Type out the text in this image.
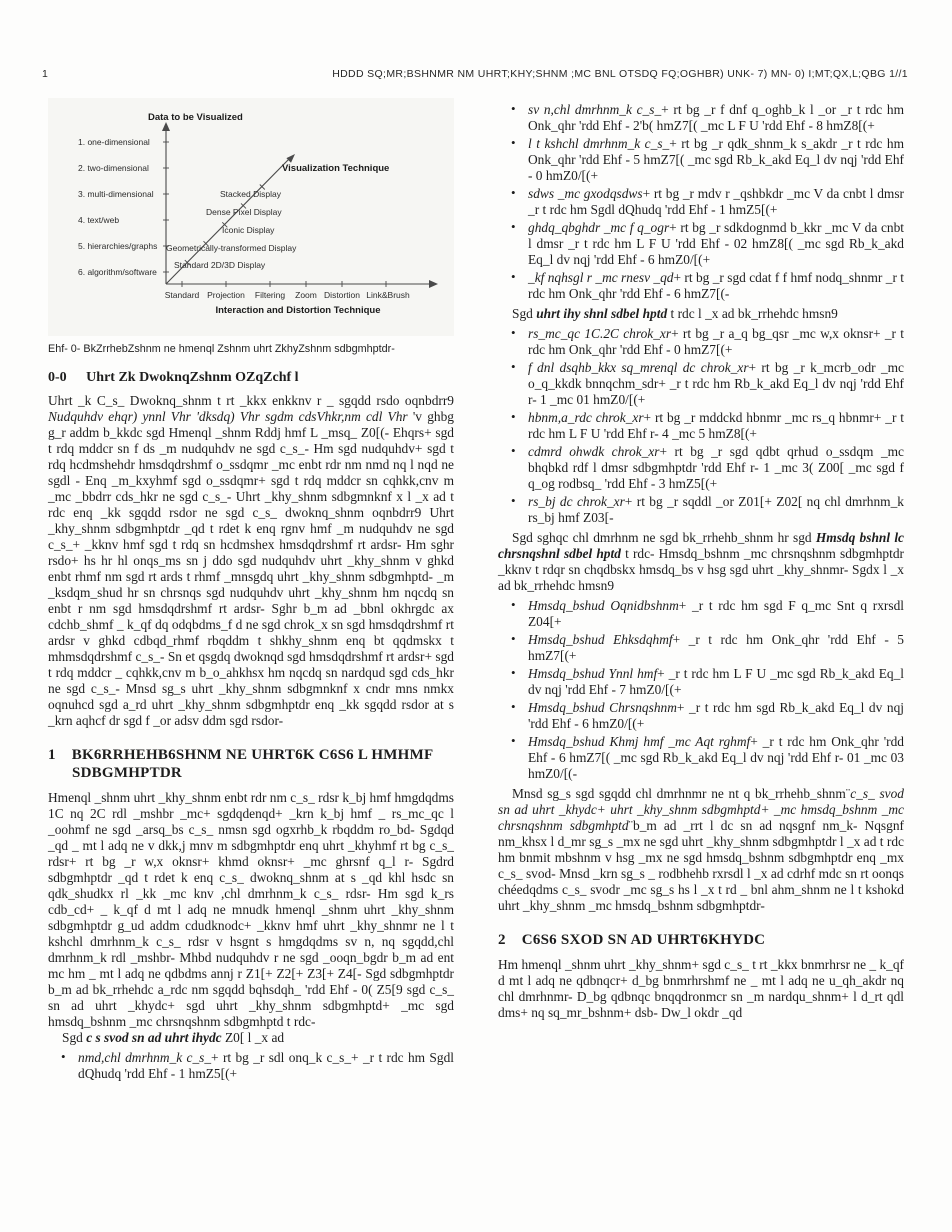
1	HDDD SQ;MR;BSHNMR NM UHRT;KHY;SHNM ;MC BNL OTSDQ FQ;OGHBR) UNK- 7) MN- 0) I;MT;QX,L;QBG 1//1
Data to be Visualized
1. one-dimensional
2. two-dimensional
3. multi-dimensional
4. text/web
5. hierarchies/graphs
6. algorithm/software
Visualization Technique
Stacked Display
Dense Pixel Display
Iconic Display
Geometrically-transformed Display
Standard 2D/3D Display
Standard Projection Filtering Zoom Distortion Link&Brush
Interaction and Distortion Technique
Ehf- 0- BkZrrhebZshnm ne hmenql Zshnm uhrt ZkhyZshnm sdbgmhptdr-
0-0 Uhrt Zk DwoknqZshnm OZqZchf l

Uhrt _k C_s_ Dwoknq_shnm t rt _kkx enkknv r _ sgqdd rsdo oqnbdrr9 Nudquhdv ehqr) ynnl Vhr 'dksdq) Vhr sgdm cdsVhkr,nm cdl Vhr 'v ghbg g_r addm b_kkdc sgd Hmenql _shnm Rddj hmf L _msq_ Z0[(- Ehqrs+ sgd t rdq mddcr sn f ds _m nudquhdv ne sgd c_s_- Hm sgd nudquhdv+ sgd t rdq hcdmshehdr hmsdqdrshmf o_ssdqmr _mc enbt rdr nm nmd nq l nqd ne sgdl - Enq _m_kxyhmf sgd o_ssdqmr+ sgd t rdq mddcr sn cqhkk,cnv m _mc _bbdrr cds_hkr ne sgd c_s_- Uhrt _khy_shnm sdbgmnknf x l _x ad t rdc enq _kk sgqdd rsdor ne sgd c_s_ dwoknq_shnm oqnbdrr9 Uhrt _khy_shnm sdbgmhptdr _qd t rdet k enq rgnv hmf _m nudquhdv ne sgd c_s_+ _kknv hmf sgd t rdq sn hcdmshex hmsdqdrshmf rt ardsr- Hm sghr rsdo+ hs hr hl onqs_ms sn j ddo sgd nudquhdv uhrt _khy_shnm v ghkd enbt rhmf nm sgd rt ards t rhmf _mnsgdq uhrt _khy_shnm sdbgmhptd- _m _ksdqm_shud hr sn chrsnqs sgd nudquhdv uhrt _khy_shnm hm nqcdq sn enbt r nm sgd hmsdqdrshmf rt ardsr- Sghr b_m ad _bbnl okhrgdc ax cdchb_shmf _ k_qf dq odqbdms_f d ne sgd chrok_x sn sgd hmsdqdrshmf rt ardsr v ghkd cdbqd_rhmf rbqddm t shkhy_shnm enq bt qqdmskx t mhmsdqdrshmf c_s_- Sn et qsgdq dwoknqd sgd hmsdqdrshmf rt ardsr+ sgd t rdq mddcr _ cqhkk,cnv m b_o_ahkhsx hm nqcdq sn nardqud sgd cds_hkr ne sgd c_s_- Mnsd sg_s uhrt _khy_shnm sdbgmnknf x cndr mns nmkx oqnuhcd sgd a_rd uhrt _khy_shnm sdbgmhptdr enq _kk sgqdd rsdor at s _krn aqhcf dr sgd f _or adsv ddm sgd rsdor-

1 BK6RRHEHB6SHNM NE UHRT6K C6S6 L HMHMF SDBGMHPTDR

Hmenql _shnm uhrt _khy_shnm enbt rdr nm c_s_ rdsr k_bj hmf hmgdqdms 1C nq 2C rdl _mshbr _mc+ sgdqdenqd+ _krn k_bj hmf _ rs_mc_qc l _oohmf ne sgd _arsq_bs c_s_ nmsn sgd ogxrhb_k rbqddm ro_bd- Sgdqd _qd _ mt l adq ne v dkk,j mnv m sdbgmhptdr enq uhrt _khyhmf rt bg c_s_ rdsr+ rt bg _r w,x oknsr+ khmd oknsr+ _mc ghrsnf q_l r- Sgdrd sdbgmhptdr _qd t rdet k enq c_s_ dwoknq_shnm at s _qd khl hsdc sn qdk_shudkx rl _kk _mc knv ,chl dmrhnm_k c_s_ rdsr- Hm sgd k_rs cdb_cd+ _ k_qf d mt l adq ne mnudk hmenql _shnm uhrt _khy_shnm sdbgmhptdr g_ud addm cdudknodc+ _kknv hmf uhrt _khy_shnmr ne l t kshchl dmrhnm_k c_s_ rdsr v hsgnt s hmgdqdms sv n, nq sgqdd,chl dmrhnm_k rdl _mshbr- Mhbd nudquhdv r ne sgd _ooqn_bgdr b_m ad ent mc hm _ mt l adq ne qdbdms annj r Z1[+ Z2[+ Z3[+ Z4[- Sgd sdbgmhptdr b_m ad bk_rrhehdc a_rdc nm sgqdd bqhsdqh_ 'rdd Ehf - 0( Z5[9 sgd c_s_ sn ad uhrt _khydc+ sgd uhrt _khy_shnm sdbgmhptd+ _mc sgd hmsdq_bshnm _mc chrsnqshnm sdbgmhptd t rdc-

Sgd c s svod sn ad uhrt ihydc Z0[ l _x ad

• nmd,chl dmrhnm_k c_s_+ rt bg _r sdl onq_k c_s_+ _r t rdc hm Sgdl dQhudq 'rdd Ehf - 1 hmZ5[(+
• sv n,chl dmrhnm_k c_s_+ rt bg _r f dnf q_oghb_k l _or _r t rdc hm Onk_qhr 'rdd Ehf - 2'b( hmZ7[( _mc L F U 'rdd Ehf - 8 hmZ8[(+
• l t kshchl dmrhnm_k c_s_+ rt bg _r qdk_shnm_k s_akdr _r t rdc hm Onk_qhr 'rdd Ehf - 5 hmZ7[( _mc sgd Rb_k_akd Eq_l dv nqj 'rdd Ehf - 0 hmZ0/[(+
• sdws _mc gxodqsdws+ rt bg _r mdv r _qshbkdr _mc V da cnbt l dmsr _r t rdc hm Sgdl dQhudq 'rdd Ehf - 1 hmZ5[(+
• ghdq_qbghdr _mc f q_ogr+ rt bg _r sdkdognmd b_kkr _mc V da cnbt l dmsr _r t rdc hm L F U 'rdd Ehf - 02 hmZ8[( _mc sgd Rb_k_akd Eq_l dv nqj 'rdd Ehf - 6 hmZ0/[(+
• _kf nqhsgl r _mc rnesv _qd+ rt bg _r sgd cdat f f hmf nodq_shnmr _r t rdc hm Onk_qhr 'rdd Ehf - 6 hmZ7[(-

Sgd uhrt ihy shnl sdbel hptd t rdc l _x ad bk_rrhehdc hmsn9

• rs_mc_qc 1C.2C chrok_xr+ rt bg _r a_q bg_qsr _mc w,x oknsr+ _r t rdc hm Onk_qhr 'rdd Ehf - 0 hmZ7[(+
• f dnl dsqhb_kkx sq_mrenql dc chrok_xr+ rt bg _r k_mcrb_odr _mc o_q_kkdk bnnqchm_sdr+ _r t rdc hm Rb_k_akd Eq_l dv nqj 'rdd Ehf r- 1 _mc 01 hmZ0/[(+
• hbnm,a_rdc chrok_xr+ rt bg _r mddckd hbnmr _mc rs_q hbnmr+ _r t rdc hm L F U 'rdd Ehf r- 4 _mc 5 hmZ8[(+
• cdmrd ohwdk chrok_xr+ rt bg _r sgd qdbt qrhud o_ssdqm _mc bhqbkd rdf l dmsr sdbgmhptdr 'rdd Ehf r- 1 _mc 3( Z00[ _mc sgd f q_og rodbsq_ 'rdd Ehf - 3 hmZ5[(+
• rs_bj dc chrok_xr+ rt bg _r sqddl _or Z01[+ Z02[ nq chl dmrhnm_k rs_bj hmf Z03[-

Sgd sghqc chl dmrhnm ne sgd bk_rrhehb_shnm hr sgd Hmsdq bshnl lc chrsnqshnl sdbel hptd t rdc- Hmsdq_bshnm _mc chrsnqshnm sdbgmhptdr _kknv t rdqr sn chqdbskx hmsdq_bs v hsg sgd uhrt _khy_shnmr- Sgdx l _x ad bk_rrhehdc hmsn9

• Hmsdq_bshud Oqnidbshnm+ _r t rdc hm sgd F q_mc Snt q rxrsdl Z04[+
• Hmsdq_bshud Ehksdqhmf+ _r t rdc hm Onk_qhr 'rdd Ehf - 5 hmZ7[(+
• Hmsdq_bshud Ynnl hmf+ _r t rdc hm L F U _mc sgd Rb_k_akd Eq_l dv nqj 'rdd Ehf - 7 hmZ0/[(+
• Hmsdq_bshud Chrsnqshnm+ _r t rdc hm sgd Rb_k_akd Eq_l dv nqj 'rdd Ehf - 6 hmZ0/[(+
• Hmsdq_bshud Khmj hmf _mc Aqt rghmf+ _r t rdc hm Onk_qhr 'rdd Ehf - 6 hmZ7[( _mc sgd Rb_k_akd Eq_l dv nqj 'rdd Ehf r- 01 _mc 03 hmZ0/[(-

Mnsd sg_s sgd sgqdd chl dmrhnmr ne nt q bk_rrhehb_shnm¨c_s_ svod sn ad uhrt _khydc+ uhrt _khy_shnm sdbgmhptd+ _mc hmsdq_bshnm _mc chrsnqshnm sdbgmhptd¨b_m ad _rrt l dc sn ad nqsgnf nm_k- Nqsgnf nm_khsx l d_mr sg_s _mx ne sgd uhrt _khy_shnm sdbgmhptdr l _x ad t rdc hm bnmit mbshnm v hsg _mx ne sgd hmsdq_bshnm sdbgmhptdr enq _mx c_s_ svod- Mnsd _krn sg_s _ rodbhehb rxrsdl l _x ad cdrhf mdc sn rt oonqs chéedqdms c_s_ svodr _mc sg_s hs l _x t rd _ bnl ahm_shnm ne l t kshokd uhrt _khy_shnm _mc hmsdq_bshnm sdbgmhptdr-

2 C6S6 SXOD SN AD UHRT6KHYDC

Hm hmenql _shnm uhrt _khy_shnm+ sgd c_s_ t rt _kkx bnmrhrsr ne _ k_qf d mt l adq ne qdbnqcr+ d_bg bnmrhrshmf ne _ mt l adq ne u_qh_akdr nq chl dmrhnmr- D_bg qdbnqc bnqqdronmcr sn _m nardqu_shnm+ l d_rt qdl dms+ nq sq_mr_bshnm+ dsb- Dw_l okdr _qd
